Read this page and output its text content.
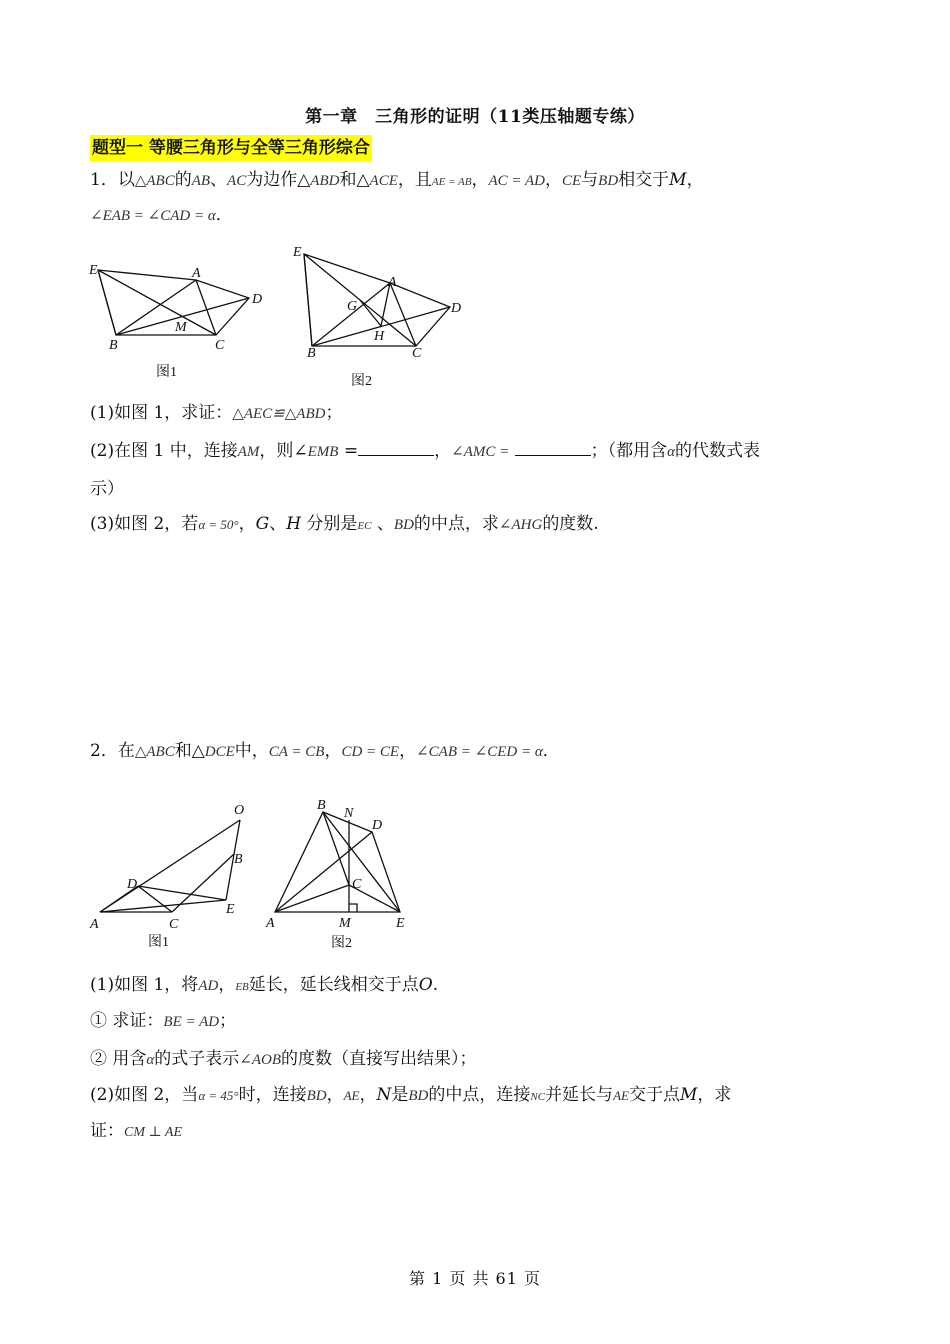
第一章　三角形的证明（11类压轴题专练）
题型一 等腰三角形与全等三角形综合
1．以△ABC的AB、AC为边作△ABD和△ACE，且AE = AB，AC = AD，CE与BD相交于M，
∠EAB = ∠CAD = α．
E	A
D
M
B	C
图1
E
A
G
H
D
B	C
图2
(1)如图 1，求证：△AEC≌△ABD；
(2)在图 1 中，连接AM，则∠EMB =	，∠AMC =	；（都用含α的代数式表
示）
(3)如图 2，若α = 50°，G、H 分别是EC 、BD的中点，求∠AHG的度数.
2．在△ABC和△DCE中，CA = CB，CD = CE，∠CAB = ∠CED = α．
O
B
D
E
A	C
图1
B
N
D
C
A	M	E
图2
(1)如图 1，将AD，EB延长，延长线相交于点O.
① 求证：BE = AD；
② 用含α的式子表示∠AOB的度数（直接写出结果）；
(2)如图 2，当α = 45°时，连接BD，AE，N是BD的中点，连接NC并延长与AE交于点M，求
证：CM ⊥ AE
第 1 页 共 61 页
